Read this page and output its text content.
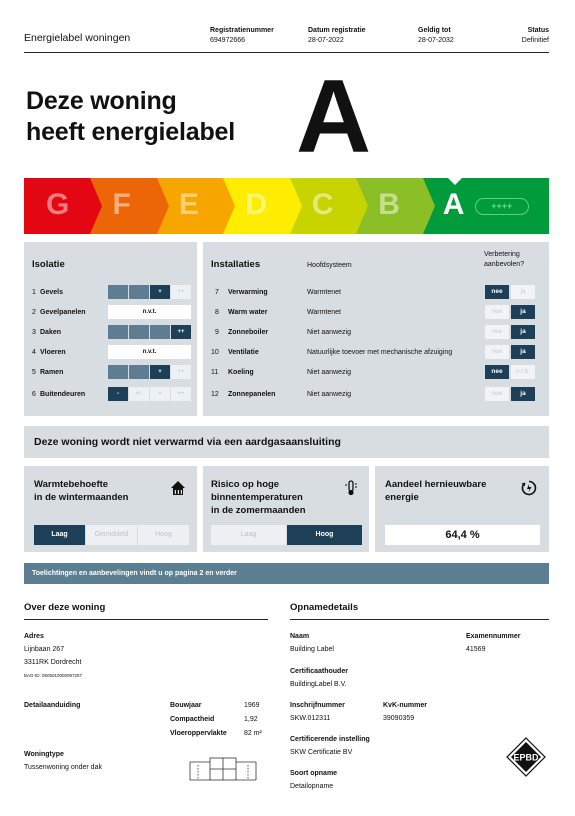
Energielabel woningen
Registratienummer
694972666
Datum registratie
28-07-2022
Geldig tot
28-07-2032
Status
Definitief
Deze woning
heeft energielabel A
G F E D C B A	++++
Isolatie
1 Gevels	+	++
2 Gevelpanelen	n.v.t.
3 Daken	++
4 Vloeren	n.v.t.
5 Ramen	+	++
6 Buitendeuren	-	+/-	+	++
Installaties	Hoofdsysteem
Verbetering
aanbevolen?
7 Verwarming	Warmtenet	nee	ja
8 Warm water	Warmtenet	nee	ja
9 Zonneboiler	Niet aanwezig	nee	ja
10 Ventilatie	Natuurlijke toevoer met mechanische afzuiging	nee	ja
11 Koeling	Niet aanwezig	nee	n.t.b.
12 Zonnepanelen	Niet aanwezig	nee	ja
Deze woning wordt niet verwarmd via een aardgasaansluiting
Warmtebehoefte
in de wintermaanden
Laag	Gemiddeld	Hoog
Risico op hoge
binnentemperaturen
in de zomermaanden
Laag	Hoog
Aandeel hernieuwbare
energie
64,4 %
Toelichtingen en aanbevelingen vindt u op pagina 2 en verder
Over deze woning
Adres
Lijnbaan 267
3311RK Dordrecht
BAG-ID: 0505010000097257
Detailaanduiding	Bouwjaar	1969
Compactheid	1,92
Vloeroppervlakte 82 m²
Woningtype
Tussenwoning onder dak
Opnamedetails
Naam
Building Label
Examennummer
41569
Certificaathouder
BuildingLabel B.V.
Inschrijfnummer
SKW.012311
KvK-nummer
39090359
Certificerende instelling
SKW Certificatie BV
Soort opname
Detailopname
EPBD
